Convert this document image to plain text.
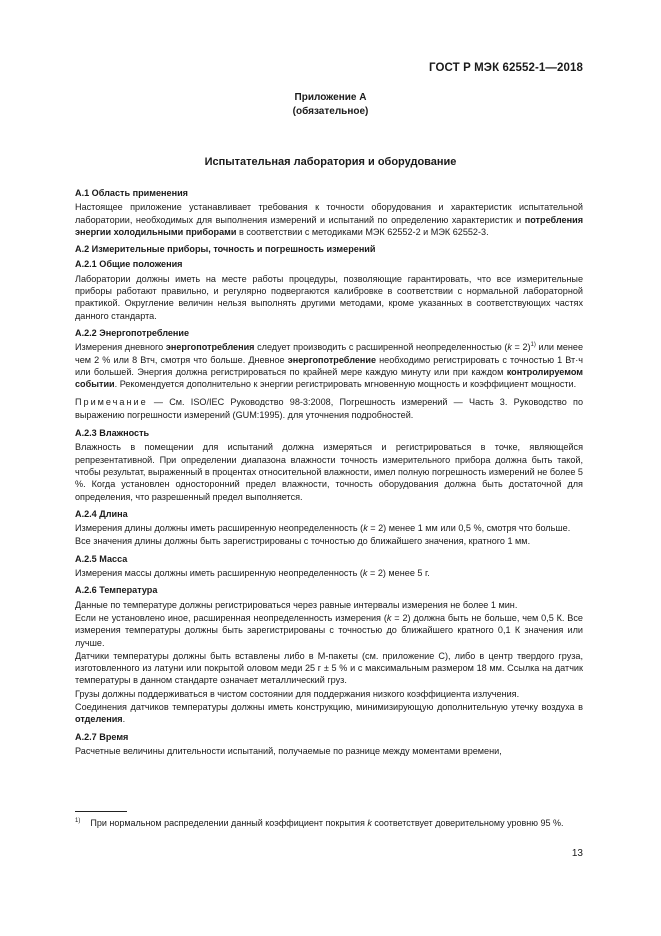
ГОСТ Р МЭК 62552-1—2018
Приложение А
(обязательное)
Испытательная лаборатория и оборудование
А.1 Область применения
Настоящее приложение устанавливает требования к точности оборудования и характеристик испытательной лаборатории, необходимых для выполнения измерений и испытаний по определению характеристик и потребления энергии холодильными приборами в соответствии с методиками МЭК 62552-2 и МЭК 62552-3.
А.2 Измерительные приборы, точность и погрешность измерений
А.2.1 Общие положения
Лаборатории должны иметь на месте работы процедуры, позволяющие гарантировать, что все измерительные приборы работают правильно, и регулярно подвергаются калибровке в соответствии с нормальной лабораторной практикой. Округление величин нельзя выполнять другими методами, кроме указанных в соответствующих частях данного стандарта.
А.2.2 Энергопотребление
Измерения дневного энергопотребления следует производить с расширенной неопределенностью (k = 2)$^{1)}$ или менее чем 2 % или 8 Втч, смотря что больше. Дневное энергопотребление необходимо регистрировать с точностью 1 Вт·ч или большей. Энергия должна регистрироваться по крайней мере каждую минуту или при каждом контролируемом событии. Рекомендуется дополнительно к энергии регистрировать мгновенную мощность и коэффициент мощности.
Примечание — См. ISO/IEC Руководство 98-3:2008, Погрешность измерений — Часть 3. Руководство по выражению погрешности измерений (GUM:1995). для уточнения подробностей.
А.2.3 Влажность
Влажность в помещении для испытаний должна измеряться и регистрироваться в точке, являющейся репрезентативной. При определении диапазона влажности точность измерительного прибора должна быть такой, чтобы результат, выраженный в процентах относительной влажности, имел полную погрешность измерений не более 5 %. Когда установлен односторонний предел влажности, точность оборудования должна быть достаточной для определения, что разрешенный предел выполняется.
А.2.4 Длина
Измерения длины должны иметь расширенную неопределенность (k = 2) менее 1 мм или 0,5 %, смотря что больше.
Все значения длины должны быть зарегистрированы с точностью до ближайшего значения, кратного 1 мм.
А.2.5 Масса
Измерения массы должны иметь расширенную неопределенность (k = 2) менее 5 г.
А.2.6 Температура
Данные по температуре должны регистрироваться через равные интервалы измерения не более 1 мин.
Если не установлено иное, расширенная неопределенность измерения (k = 2) должна быть не больше, чем 0,5 К. Все измерения температуры должны быть зарегистрированы с точностью до ближайшего кратного 0,1 К значения или лучше.
Датчики температуры должны быть вставлены либо в М-пакеты (см. приложение С), либо в центр твердого груза, изготовленного из латуни или покрытой оловом меди 25 г ± 5 % и с максимальным размером 18 мм. Ссылка на датчик температуры в данном стандарте означает металлический груз.
Грузы должны поддерживаться в чистом состоянии для поддержания низкого коэффициента излучения.
Соединения датчиков температуры должны иметь конструкцию, минимизирующую дополнительную утечку воздуха в отделения.
А.2.7 Время
Расчетные величины длительности испытаний, получаемые по разнице между моментами времени,
$^{1)}$ При нормальном распределении данный коэффициент покрытия k соответствует доверительному уровню 95 %.
13
